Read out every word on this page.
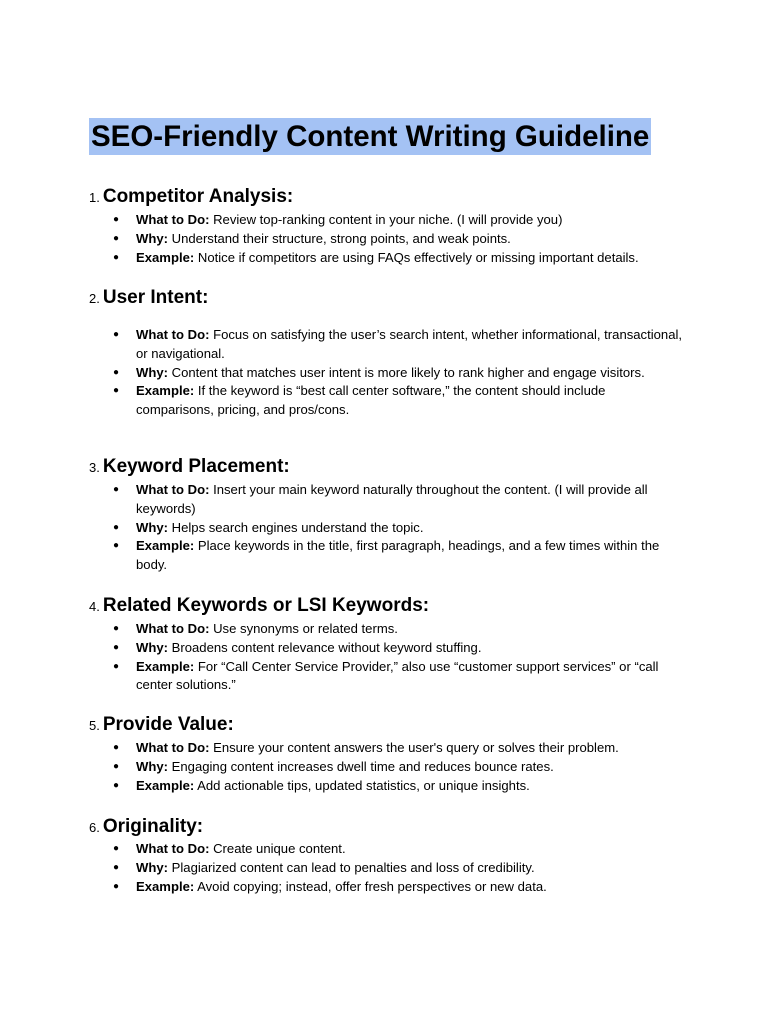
SEO-Friendly Content Writing Guideline
1. Competitor Analysis:
● What to Do: Review top-ranking content in your niche. (I will provide you)
● Why: Understand their structure, strong points, and weak points.
● Example: Notice if competitors are using FAQs effectively or missing important details.
2. User Intent:
● What to Do: Focus on satisfying the user’s search intent, whether informational, transactional, or navigational.
● Why: Content that matches user intent is more likely to rank higher and engage visitors.
● Example: If the keyword is “best call center software,” the content should include comparisons, pricing, and pros/cons.
3. Keyword Placement:
● What to Do: Insert your main keyword naturally throughout the content. (I will provide all keywords)
● Why: Helps search engines understand the topic.
● Example: Place keywords in the title, first paragraph, headings, and a few times within the body.
4. Related Keywords or LSI Keywords:
● What to Do: Use synonyms or related terms.
● Why: Broadens content relevance without keyword stuffing.
● Example: For “Call Center Service Provider,” also use “customer support services” or “call center solutions.”
5. Provide Value:
● What to Do: Ensure your content answers the user's query or solves their problem.
● Why: Engaging content increases dwell time and reduces bounce rates.
● Example: Add actionable tips, updated statistics, or unique insights.
6. Originality:
● What to Do: Create unique content.
● Why: Plagiarized content can lead to penalties and loss of credibility.
● Example: Avoid copying; instead, offer fresh perspectives or new data.
